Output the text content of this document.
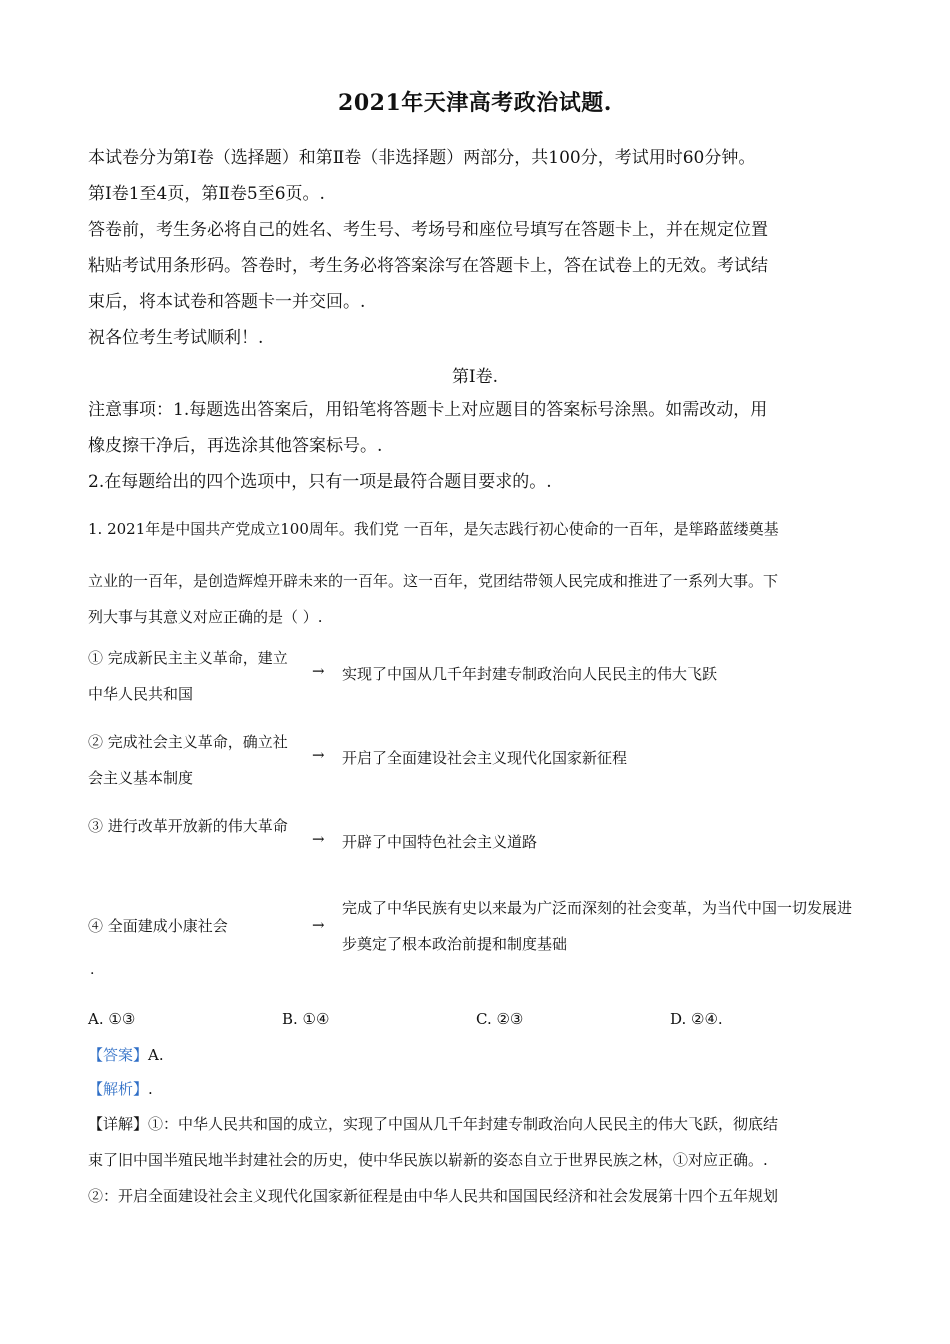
2021年天津高考政治试题.

本试卷分为第Ⅰ卷（选择题）和第Ⅱ卷（非选择题）两部分，共100分，考试用时60分钟。

第Ⅰ卷1至4页，第Ⅱ卷5至6页。.

答卷前，考生务必将自己的姓名、考生号、考场号和座位号填写在答题卡上，并在规定位置

粘贴考试用条形码。答卷时，考生务必将答案涂写在答题卡上，答在试卷上的无效。考试结

束后，将本试卷和答题卡一并交回。.

祝各位考生考试顺利！.

第Ⅰ卷.

注意事项：1.每题选出答案后，用铅笔将答题卡上对应题目的答案标号涂黑。如需改动，用

橡皮擦干净后，再选涂其他答案标号。.

2.在每题给出的四个选项中，只有一项是最符合题目要求的。.

1. 2021年是中国共产党成立100周年。我们党 一百年，是矢志践行初心使命的一百年，是筚路蓝缕奠基
立业的一百年，是创造辉煌开辟未来的一百年。这一百年，党团结带领人民完成和推进了一系列大事。下
列大事与其意义对应正确的是（ ）.
① 完成新民主主义革命，建立中华人民共和国
→	实现了中国从几千年封建专制政治向人民民主的伟大飞跃
② 完成社会主义革命，确立社会主义基本制度
→	开启了全面建设社会主义现代化国家新征程
③ 进行改革开放新的伟大革命
→	开辟了中国特色社会主义道路
④ 全面建成小康社会	→
完成了中华民族有史以来最为广泛而深刻的社会变革，为当代中国一切发展进步奠定了根本政治前提和制度基础
.
A. ①③	B. ①④	C. ②③	D. ②④.
【答案】A.
【解析】.

【详解】①：中华人民共和国的成立，实现了中国从几千年封建专制政治向人民民主的伟大飞跃，彻底结

束了旧中国半殖民地半封建社会的历史，使中华民族以崭新的姿态自立于世界民族之林，①对应正确。.

②：开启全面建设社会主义现代化国家新征程是由中华人民共和国国民经济和社会发展第十四个五年规划
